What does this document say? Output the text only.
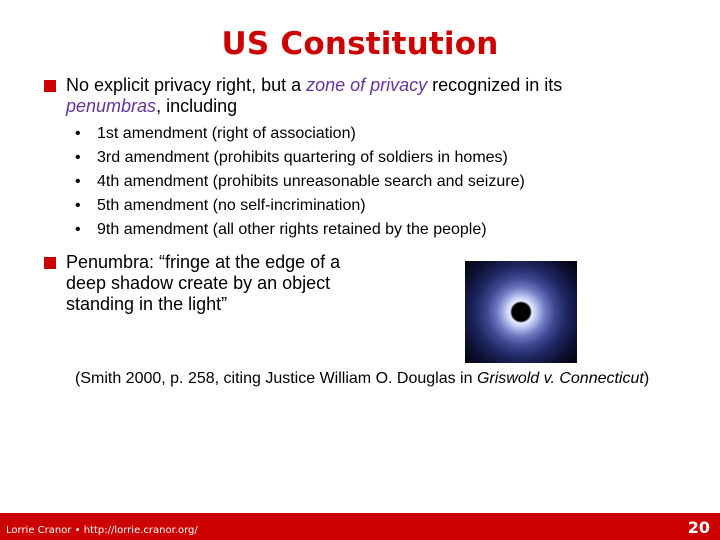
US Constitution
No explicit privacy right, but a zone of privacy recognized in its
penumbras, including
• 1st amendment (right of association)
• 3rd amendment (prohibits quartering of soldiers in homes)
• 4th amendment (prohibits unreasonable search and seizure)
• 5th amendment (no self-incrimination)
• 9th amendment (all other rights retained by the people)
Penumbra: “fringe at the edge of a
deep shadow create by an object
standing in the light”
(Smith 2000, p. 258, citing Justice William O. Douglas in Griswold v. Connecticut)
Lorrie Cranor • http://lorrie.cranor.org/	20
